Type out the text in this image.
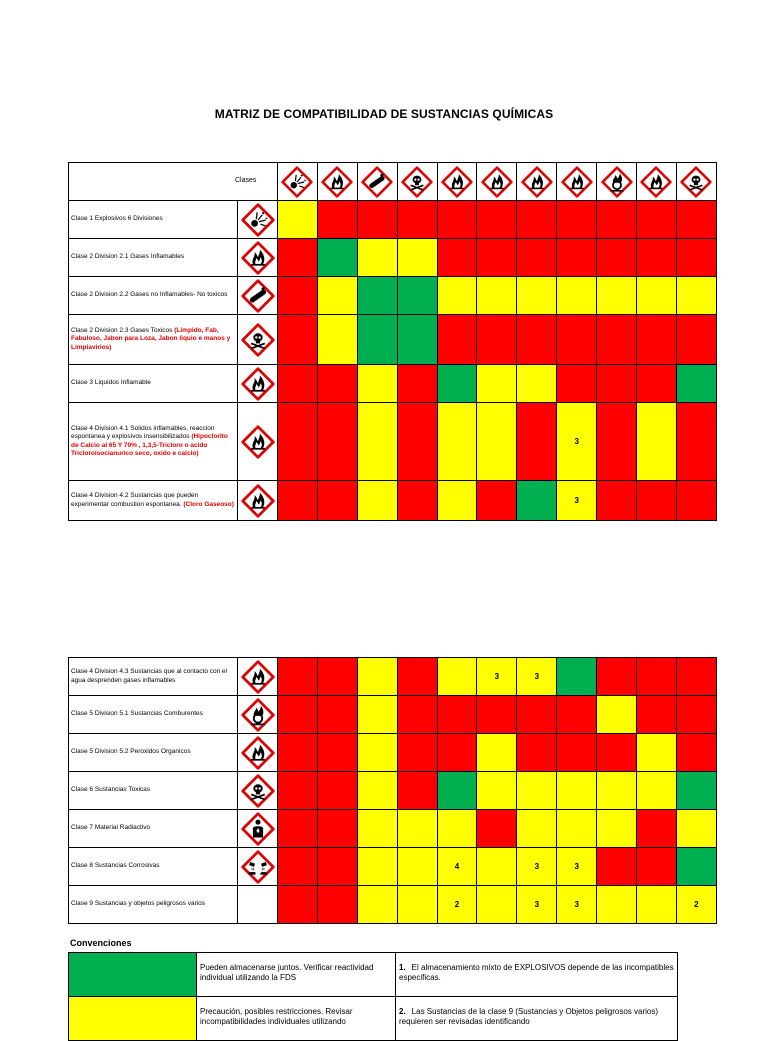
MATRIZ DE COMPATIBILIDAD DE SUSTANCIAS QUÍMICAS
Clases	

Clase 1 Explosivos 6 Divisiones	

Clase 2 Division 2.1 Gases Inflamables	

Clase 2 Division 2.2 Gases no Inflamables- No toxicos	

Clase 2 Division 2.3 Gases Toxicos (Limpido, Fab, Fabuloso, Jabon para Loza, Jabon liquio e manos y Limpiavirios)	

Clase 3 Liquidos Inflamable	

Clase 4 Division 4.1 Solidos inflamables, reaccion espontanea y explosivos insensibilizados (Hipoclorito de Calcio al 65 Y 70% , 1,3,5-Tricloro o acido Tricloroisocianurico seco, oxido e calcio)									3			
Clase 4 Division 4.2 Sustancias que pueden experimentar combustion espontanea. (Cloro Gaseoso)									3			
Clase 4 Division 4.3 Sustancias que al contacto con el agua desprenden gases inflamables							3	3				
Clase 5 Division 5.1 Sustancias Comburentes	

Clase 5 Division 5.2 Peroxidos Organicos	

Clase 6 Sustancias Toxicas	

Clase 7 Material Radiactivo	

Clase 8 Sustancias Corrosivas						4		3	3			
Clase 9 Sustancias y objetos peligrosos varios						2		3	3			2
Convenciones
	Pueden almacenarse juntos. Verificar reactividad individual utilizando la FDS	1. El almacenamiento mixto de EXPLOSIVOS depende de las incompatibles especificas.
	Precaución, posibles restricciones. Revisar incompatibilidades individuales utilizando	2. Las Sustancias de la clase 9 (Sustancias y Objetos peligrosos varios) requieren ser revisadas identificando
